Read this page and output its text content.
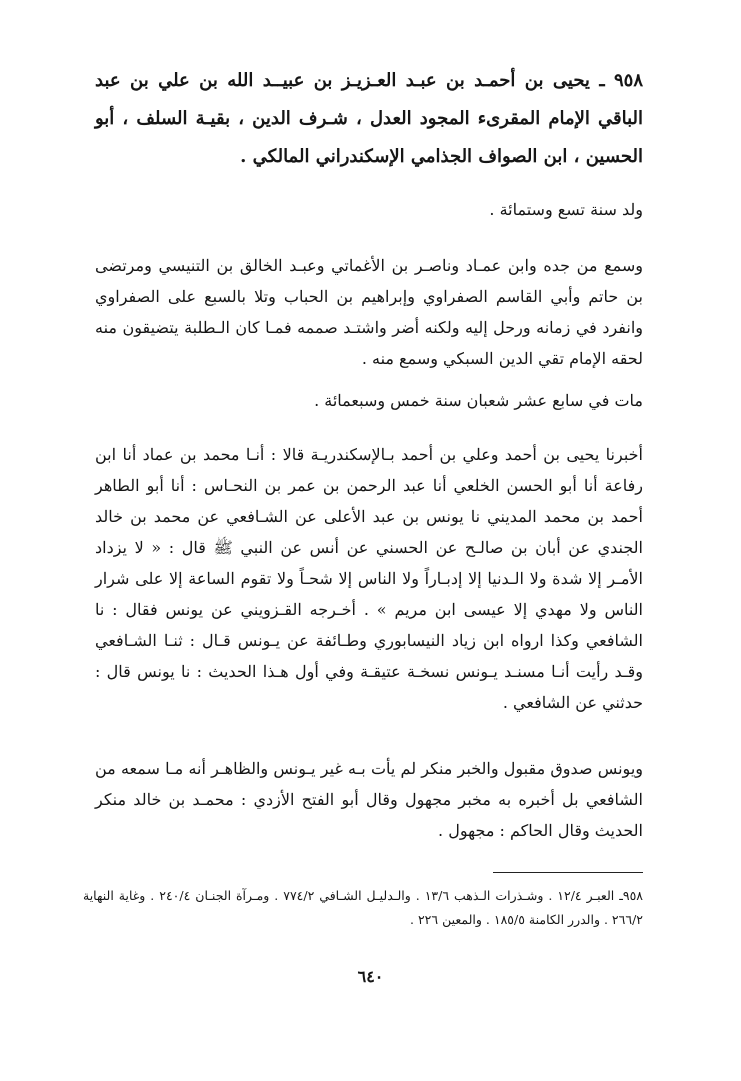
٩٥٨ ـ يحيى بن أحمـد بن عبـد العـزيـز بن عبيــد الله بن علي بن عبد الباقي الإمام المقرىء المجود العدل ، شـرف الدين ، بقيـة السلف ، أبو الحسين ، ابن الصواف الجذامي الإسكندراني المالكي .
ولد سنة تسع وستمائة .
وسمع من جده وابن عمـاد وناصـر بن الأغماتي وعبـد الخالق بن التنيسي ومرتضى بن حاتم وأبي القاسم الصفراوي وإبراهيم بن الحباب وتلا بالسبع على الصفراوي وانفرد في زمانه ورحل إليه ولكنه أضر واشتـد صممه فمـا كان الـطلبة يتضيقون منه لحقه الإمام تقي الدين السبكي وسمع منه .
مات في سابع عشر شعبان سنة خمس وسبعمائة .
أخبرنا يحيى بن أحمد وعلي بن أحمد بـالإسكندريـة قالا : أنـا محمد بن عماد أنا ابن رفاعة أنا أبو الحسن الخلعي أنا عبد الرحمن بن عمر بن النحـاس : أنا أبو الطاهر أحمد بن محمد المديني نا يونس بن عبد الأعلى عن الشـافعي عن محمد بن خالد الجندي عن أبان بن صالـح عن الحسني عن أنس عن النبي ﷺ قال : « لا يزداد الأمـر إلا شدة ولا الـدنيا إلا إدبـاراً ولا الناس إلا شحـاً ولا تقوم الساعة إلا على شرار الناس ولا مهدي إلا عيسى ابن مريم » . أخـرجه القـزويني عن يونس فقال : نا الشافعي وكذا ارواه ابن زياد النيسابوري وطـائفة عن يـونس قـال : ثنـا الشـافعي وقـد رأيت أنـا مسنـد يـونس نسخـة عتيقـة وفي أول هـذا الحديث : نا يونس قال : حدثني عن الشافعي .
ويونس صدوق مقبول والخبر منكر لم يأت بـه غير يـونس والظاهـر أنه مـا سمعه من الشافعي بل أخبره به مخبر مجهول وقال أبو الفتح الأزدي : محمـد بن خالد منكر الحديث وقال الحاكم : مجهول .
٩٥٨ـ العبـر ١٢/٤ . وشـذرات الـذهب ١٣/٦ . والـدليـل الشـافي ٧٧٤/٢ . ومـرآة الجنـان ٢٤٠/٤ . وغاية النهاية ٢٦٦/٢ . والدرر الكامنة ١٨٥/٥ . والمعين ٢٢٦ .
٦٤٠
